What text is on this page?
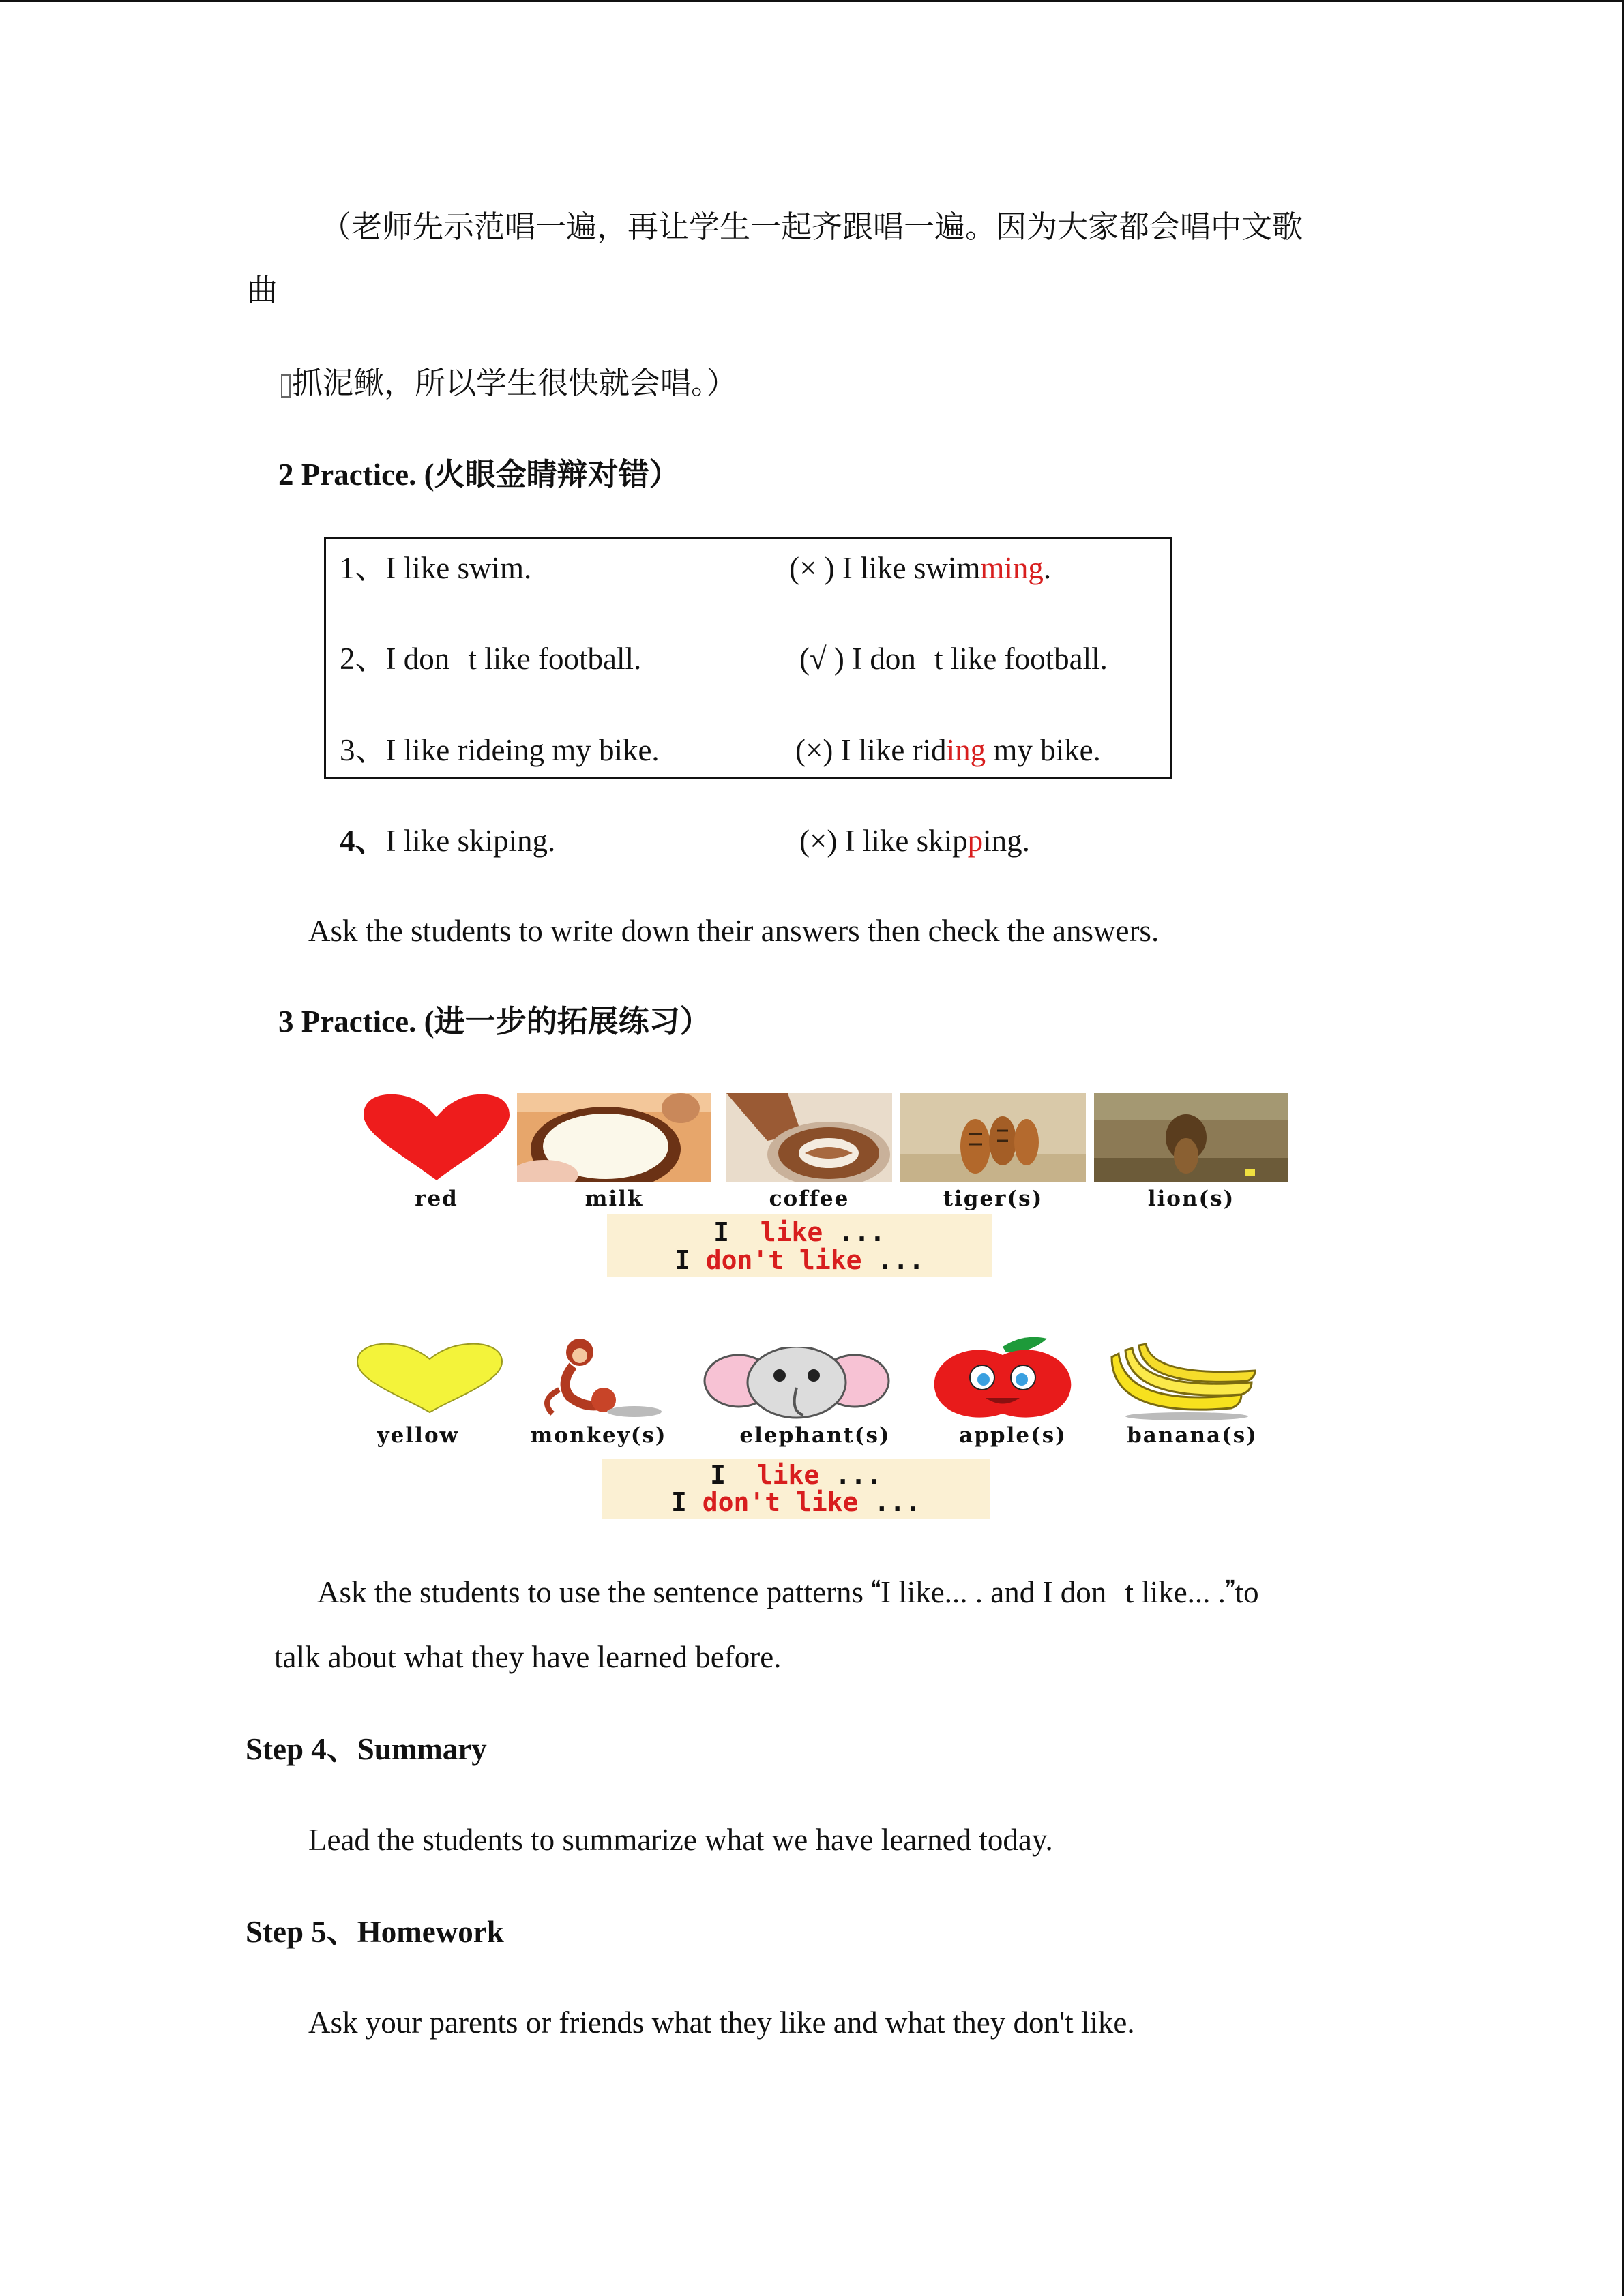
（老师先示范唱一遍，再让学生一起齐跟唱一遍。因为大家都会唱中文歌
曲
抓泥鳅，所以学生很快就会唱。）
2 Practice. (火眼金睛辩对错）
1、I like swim.	(× ) I like swimming.
2、I dont like football.	(√ ) I dont like football.
3、I like rideing my bike.	(×) I like riding my bike.
4、I like skiping.	(×) I like skipping.
Ask the students to write down their answers then check the answers.
3 Practice. (进一步的拓展练习）
red	milk	coffee	tiger(s)	lion(s)
I like ...
I don't like ...
yellow	monkey(s)	elephant(s)	apple(s)	banana(s)
I like ...
I don't like ...
Ask the students to use the sentence patterns I like... . and I dont like... .to
talk about what they have learned before.
Step 4、Summary
Lead the students to summarize what we have learned today.
Step 5、Homework
Ask your parents or friends what they like and what they don't like.
